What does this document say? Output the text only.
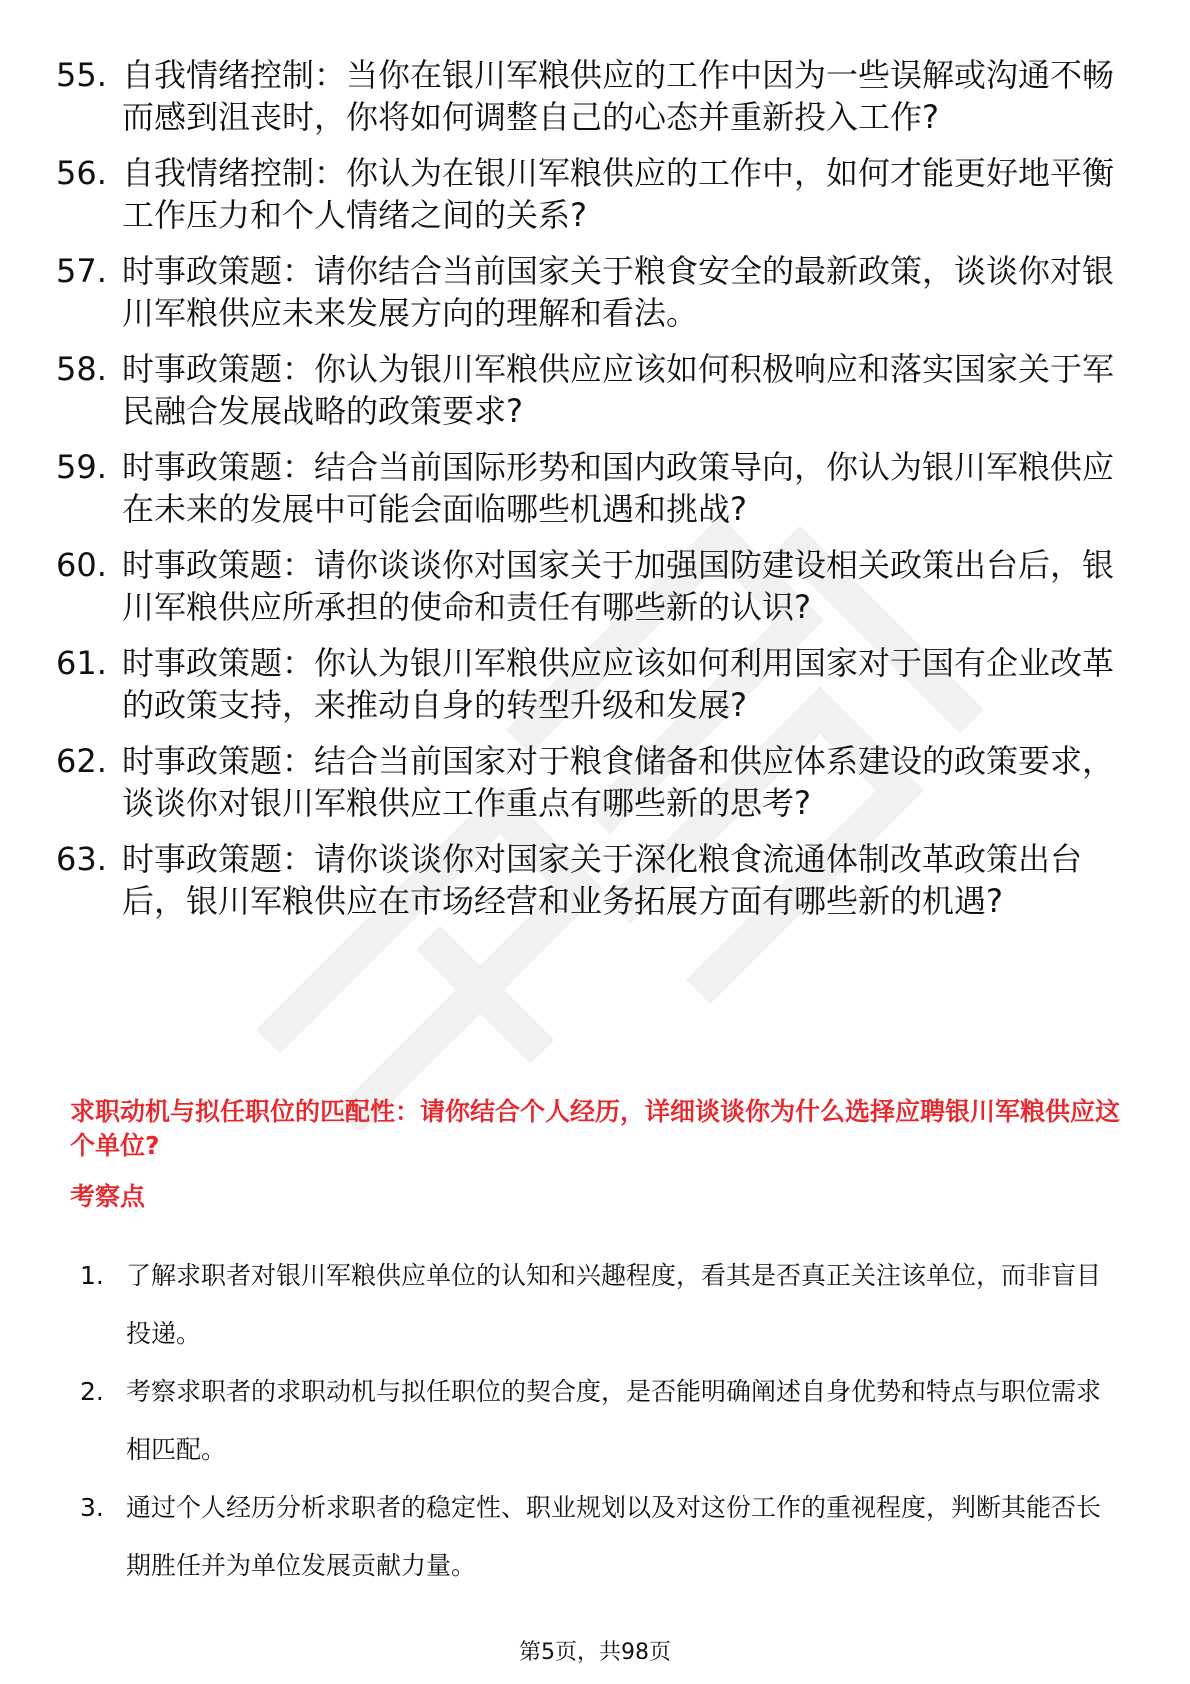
55. 自我情绪控制：当你在银川军粮供应的工作中因为一些误解或沟通不畅而感到沮丧时，你将如何调整自己的心态并重新投入工作?
56. 自我情绪控制：你认为在银川军粮供应的工作中，如何才能更好地平衡工作压力和个人情绪之间的关系?
57. 时事政策题：请你结合当前国家关于粮食安全的最新政策，谈谈你对银川军粮供应未来发展方向的理解和看法。
58. 时事政策题：你认为银川军粮供应应该如何积极响应和落实国家关于军民融合发展战略的政策要求?
59. 时事政策题：结合当前国际形势和国内政策导向，你认为银川军粮供应在未来的发展中可能会面临哪些机遇和挑战?
60. 时事政策题：请你谈谈你对国家关于加强国防建设相关政策出台后，银川军粮供应所承担的使命和责任有哪些新的认识?
61. 时事政策题：你认为银川军粮供应应该如何利用国家对于国有企业改革的政策支持，来推动自身的转型升级和发展?
62. 时事政策题：结合当前国家对于粮食储备和供应体系建设的政策要求，谈谈你对银川军粮供应工作重点有哪些新的思考?
63. 时事政策题：请你谈谈你对国家关于深化粮食流通体制改革政策出台后，银川军粮供应在市场经营和业务拓展方面有哪些新的机遇?

求职动机与拟任职位的匹配性：请你结合个人经历，详细谈谈你为什么选择应聘银川军粮供应这个单位?

考察点

1. 了解求职者对银川军粮供应单位的认知和兴趣程度，看其是否真正关注该单位，而非盲目投递。
2. 考察求职者的求职动机与拟任职位的契合度，是否能明确阐述自身优势和特点与职位需求相匹配。
3. 通过个人经历分析求职者的稳定性、职业规划以及对这份工作的重视程度，判断其能否长期胜任并为单位发展贡献力量。

第5页，共98页
